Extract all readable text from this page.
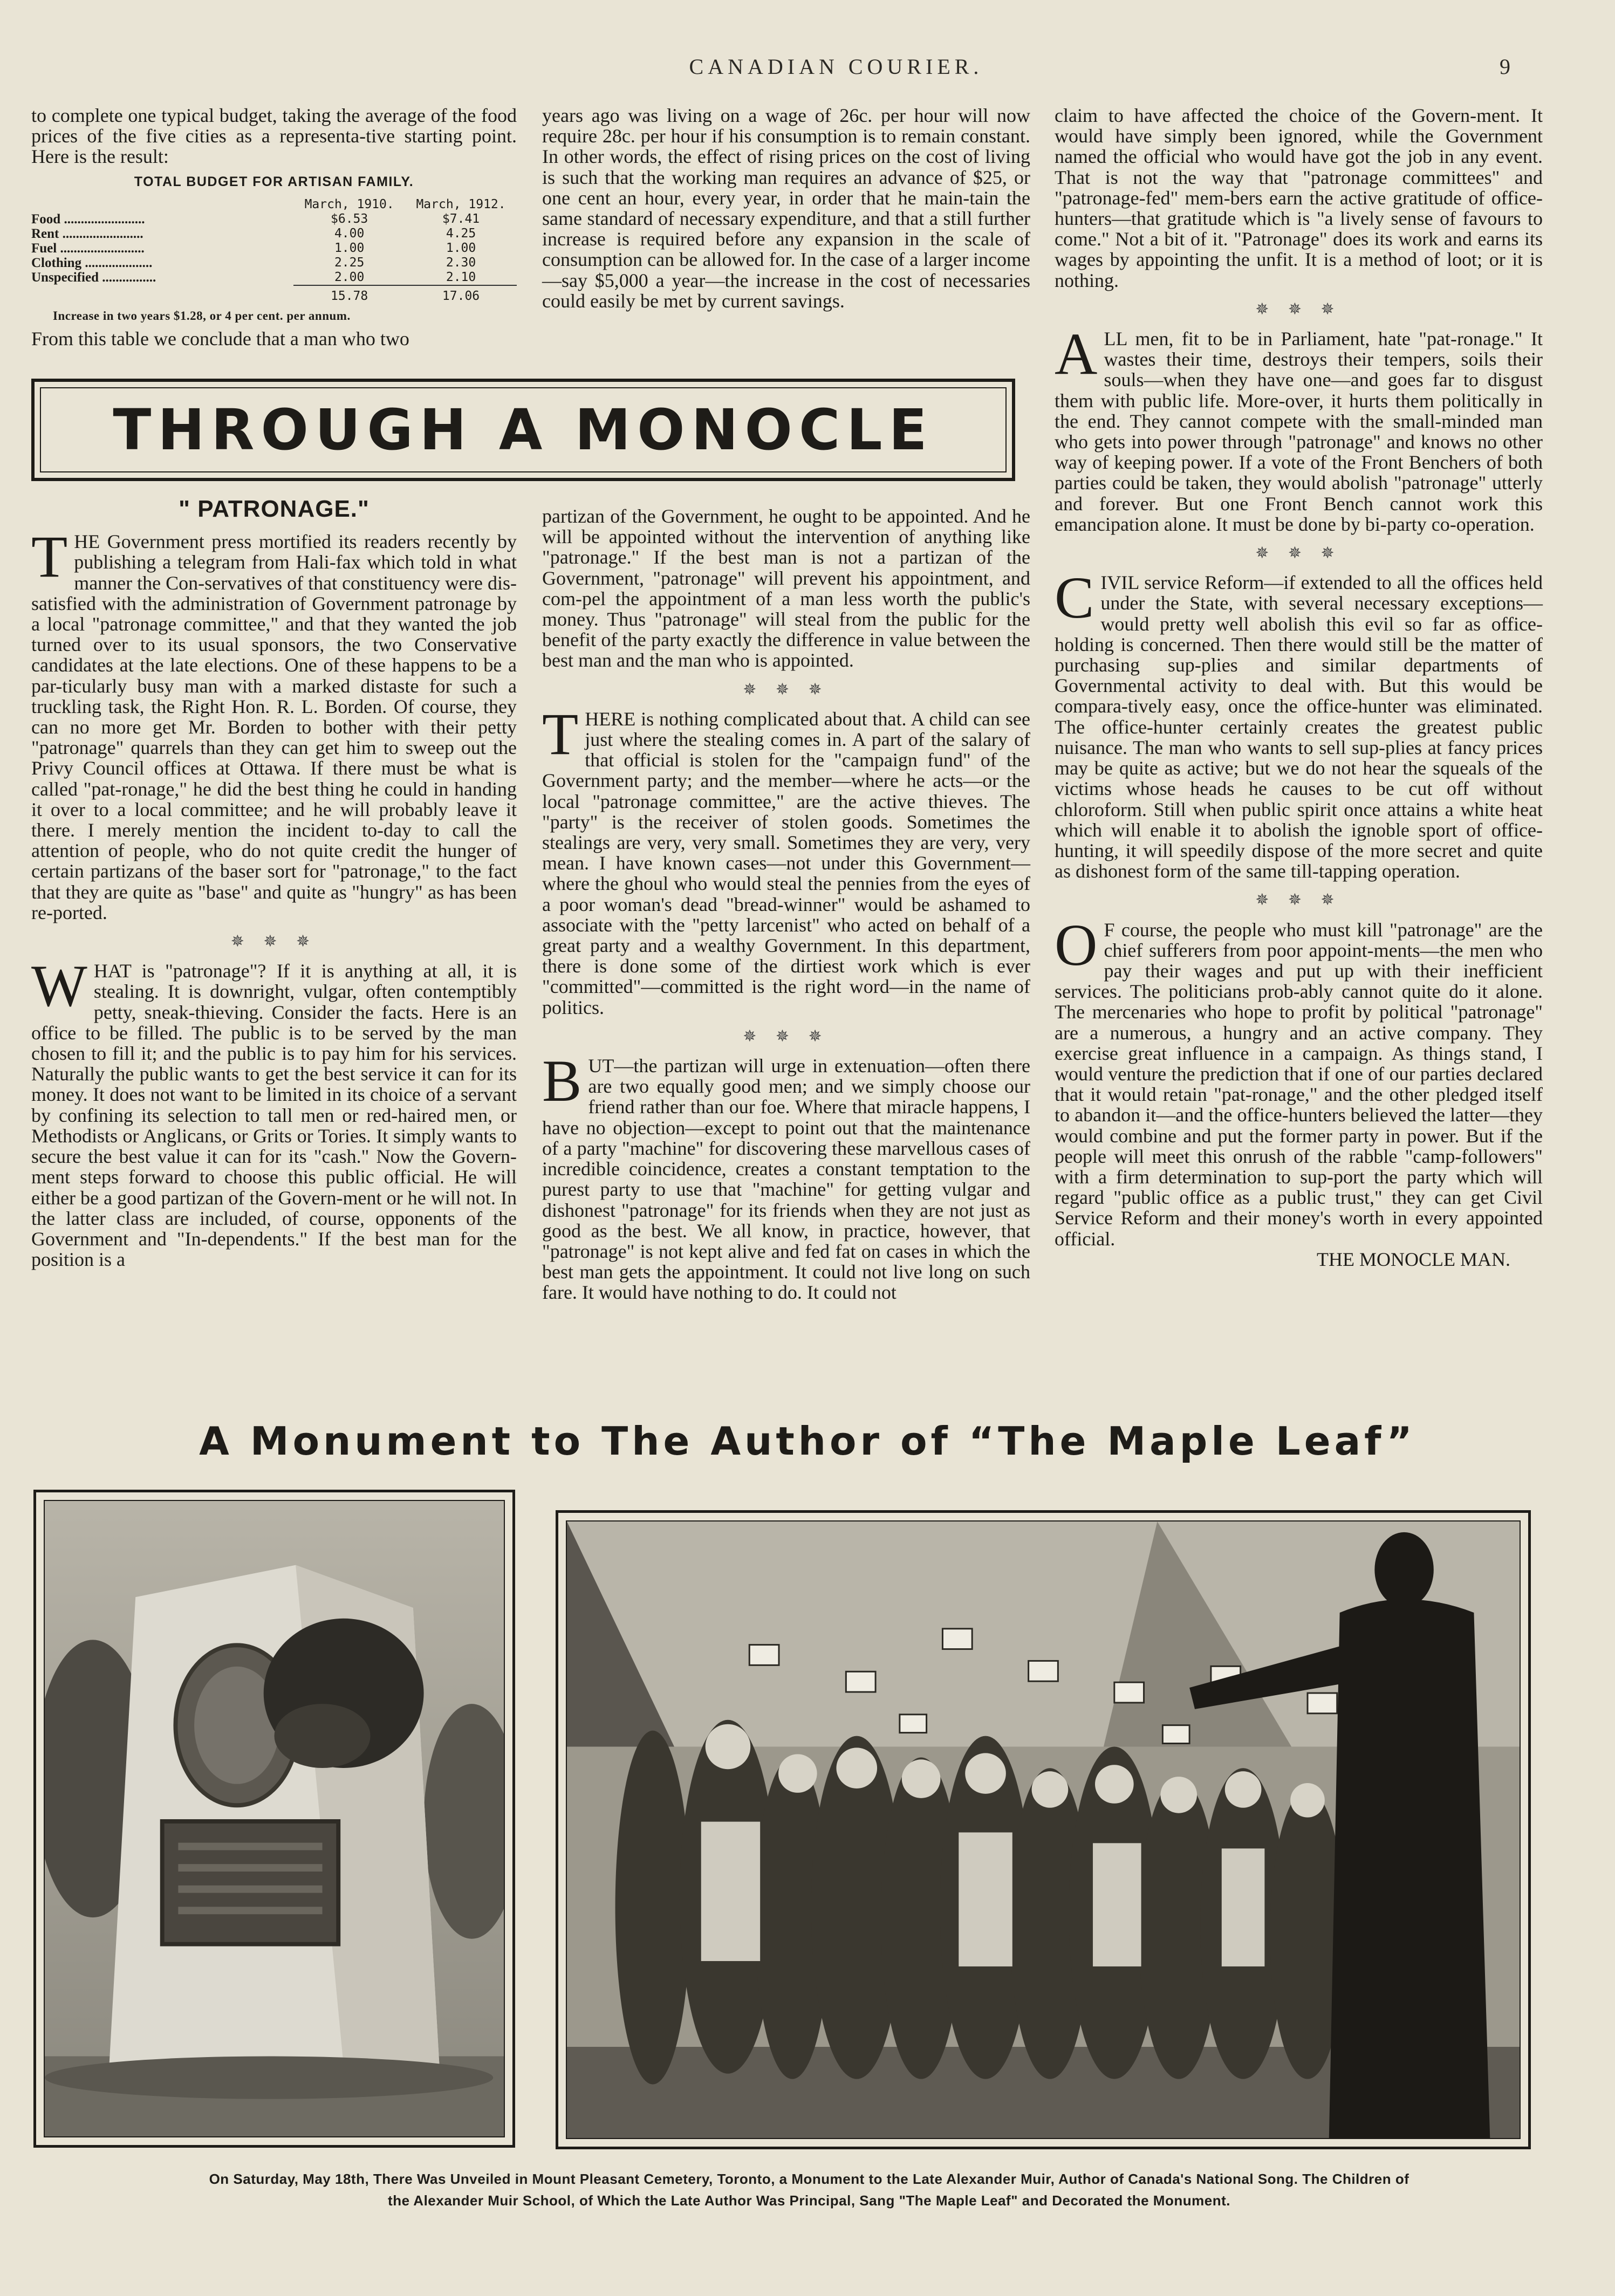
CANADIAN COURIER.	9

to complete one typical budget, taking the average of the food prices of the five cities as a representa-tive starting point. Here is the result:

TOTAL BUDGET FOR ARTISAN FAMILY.
	March, 1910.	March, 1912.
Food ........................	$6.53	$7.41
Rent ........................	4.00	4.25
Fuel .........................	1.00	1.00
Clothing ....................	2.25	2.30
Unspecified ................	2.00	2.10
	15.78	17.06
Increase in two years $1.28, or 4 per cent. per annum.

From this table we conclude that a man who two

years ago was living on a wage of 26c. per hour will now require 28c. per hour if his consumption is to remain constant. In other words, the effect of rising prices on the cost of living is such that the working man requires an advance of $25, or one cent an hour, every year, in order that he main-tain the same standard of necessary expenditure, and that a still further increase is required before any expansion in the scale of consumption can be allowed for. In the case of a larger income—say $5,000 a year—the increase in the cost of necessaries could easily be met by current savings.

claim to have affected the choice of the Govern-ment. It would have simply been ignored, while the Government named the official who would have got the job in any event. That is not the way that "patronage committees" and "patronage-fed" mem-bers earn the active gratitude of office-hunters—that gratitude which is "a lively sense of favours to come." Not a bit of it. "Patronage" does its work and earns its wages by appointing the unfit. It is a method of loot; or it is nothing.

✵ ✵ ✵

ALL men, fit to be in Parliament, hate "pat-ronage." It wastes their time, destroys their tempers, soils their souls—when they have one—and goes far to disgust them with public life. More-over, it hurts them politically in the end. They cannot compete with the small-minded man who gets into power through "patronage" and knows no other way of keeping power. If a vote of the Front Benchers of both parties could be taken, they would abolish "patronage" utterly and forever. But one Front Bench cannot work this emancipation alone. It must be done by bi-party co-operation.

✵ ✵ ✵

CIVIL service Reform—if extended to all the offices held under the State, with several necessary exceptions—would pretty well abolish this evil so far as office-holding is concerned. Then there would still be the matter of purchasing sup-plies and similar departments of Governmental activity to deal with. But this would be compara-tively easy, once the office-hunter was eliminated. The office-hunter certainly creates the greatest public nuisance. The man who wants to sell sup-plies at fancy prices may be quite as active; but we do not hear the squeals of the victims whose heads he causes to be cut off without chloroform. Still when public spirit once attains a white heat which will enable it to abolish the ignoble sport of office-hunting, it will speedily dispose of the more secret and quite as dishonest form of the same till-tapping operation.

✵ ✵ ✵

O F course, the people who must kill "patronage" are the chief sufferers from poor appoint-ments—the men who pay their wages and put up with their inefficient services. The politicians prob-ably cannot quite do it alone. The mercenaries who hope to profit by political "patronage" are a numerous, a hungry and an active company. They exercise great influence in a campaign. As things stand, I would venture the prediction that if one of our parties declared that it would retain "pat-ronage," and the other pledged itself to abandon it—and the office-hunters believed the latter—they would combine and put the former party in power. But if the people will meet this onrush of the rabble "camp-followers" with a firm determination to sup-port the party which will regard "public office as a public trust," they can get Civil Service Reform and their money's worth in every appointed official.

THE MONOCLE MAN.

THROUGH A MONOCLE
" PATRONAGE."

THE Government press mortified its readers recently by publishing a telegram from Hali-fax which told in what manner the Con-servatives of that constituency were dis-satisfied with the administration of Government patronage by a local "patronage committee," and that they wanted the job turned over to its usual sponsors, the two Conservative candidates at the late elections. One of these happens to be a par-ticularly busy man with a marked distaste for such a truckling task, the Right Hon. R. L. Borden. Of course, they can no more get Mr. Borden to bother with their petty "patronage" quarrels than they can get him to sweep out the Privy Council offices at Ottawa. If there must be what is called "pat-ronage," he did the best thing he could in handing it over to a local committee; and he will probably leave it there. I merely mention the incident to-day to call the attention of people, who do not quite credit the hunger of certain partizans of the baser sort for "patronage," to the fact that they are quite as "base" and quite as "hungry" as has been re-ported.

✵ ✵ ✵

WHAT is "patronage"? If it is anything at all, it is stealing. It is downright, vulgar, often contemptibly petty, sneak-thieving. Consider the facts. Here is an office to be filled. The public is to be served by the man chosen to fill it; and the public is to pay him for his services. Naturally the public wants to get the best service it can for its money. It does not want to be limited in its choice of a servant by confining its selection to tall men or red-haired men, or Methodists or Anglicans, or Grits or Tories. It simply wants to secure the best value it can for its "cash." Now the Govern-ment steps forward to choose this public official. He will either be a good partizan of the Govern-ment or he will not. In the latter class are included, of course, opponents of the Government and "In-dependents." If the best man for the position is a

partizan of the Government, he ought to be appointed. And he will be appointed without the intervention of anything like "patronage." If the best man is not a partizan of the Government, "patronage" will prevent his appointment, and com-pel the appointment of a man less worth the public's money. Thus "patronage" will steal from the public for the benefit of the party exactly the difference in value between the best man and the man who is appointed.

✵ ✵ ✵

THERE is nothing complicated about that. A child can see just where the stealing comes in. A part of the salary of that official is stolen for the "campaign fund" of the Government party; and the member—where he acts—or the local "patronage committee," are the active thieves. The "party" is the receiver of stolen goods. Sometimes the stealings are very, very small. Sometimes they are very, very mean. I have known cases—not under this Government—where the ghoul who would steal the pennies from the eyes of a poor woman's dead "bread-winner" would be ashamed to associate with the "petty larcenist" who acted on behalf of a great party and a wealthy Government. In this department, there is done some of the dirtiest work which is ever "committed"—committed is the right word—in the name of politics.

✵ ✵ ✵

BUT—the partizan will urge in extenuation—often there are two equally good men; and we simply choose our friend rather than our foe. Where that miracle happens, I have no objection—except to point out that the maintenance of a party "machine" for discovering these marvellous cases of incredible coincidence, creates a constant temptation to the purest party to use that "machine" for getting vulgar and dishonest "patronage" for its friends when they are not just as good as the best. We all know, in practice, however, that "patronage" is not kept alive and fed fat on cases in which the best man gets the appointment. It could not live long on such fare. It would have nothing to do. It could not

A Monument to The Author of “The Maple Leaf”
On Saturday, May 18th, There Was Unveiled in Mount Pleasant Cemetery, Toronto, a Monument to the Late Alexander Muir, Author of Canada's National Song. The Children of
the Alexander Muir School, of Which the Late Author Was Principal, Sang "The Maple Leaf" and Decorated the Monument.
